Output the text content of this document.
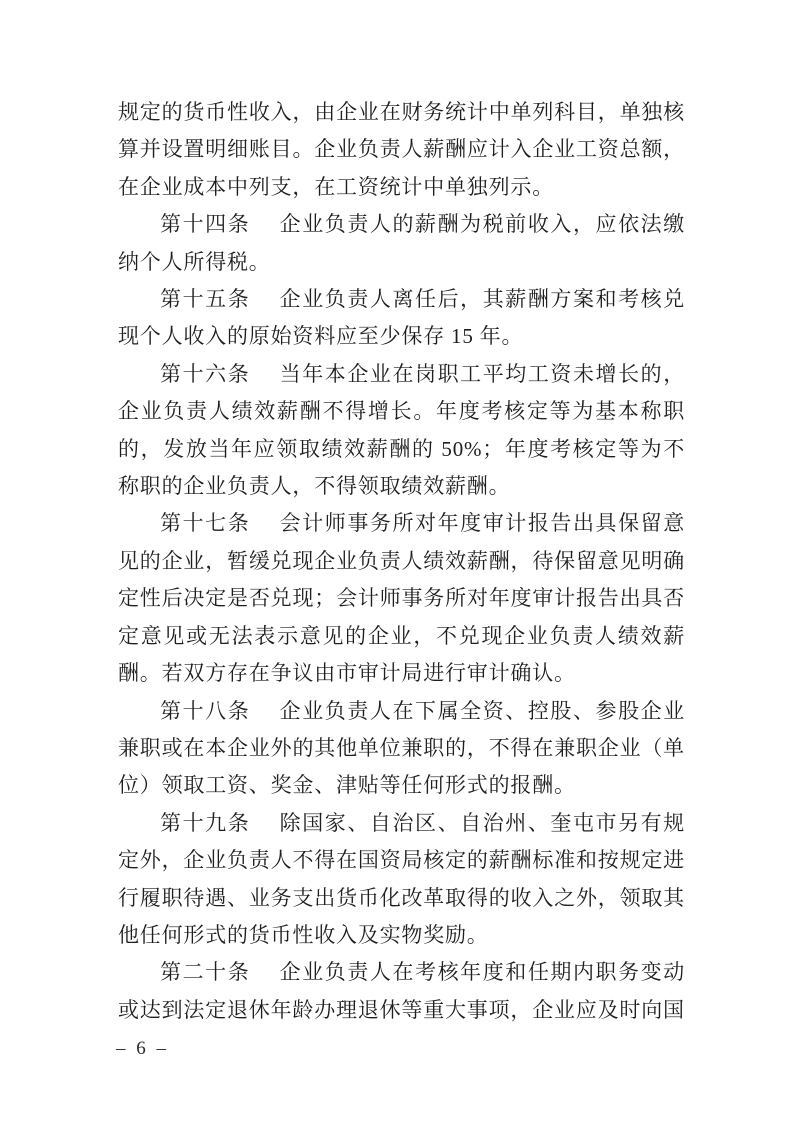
规定的货币性收入，由企业在财务统计中单列科目，单独核算并设置明细账目。企业负责人薪酬应计入企业工资总额，在企业成本中列支，在工资统计中单独列示。

第十四条　 企业负责人的薪酬为税前收入，应依法缴纳个人所得税。

第十五条　 企业负责人离任后，其薪酬方案和考核兑现个人收入的原始资料应至少保存 15 年。

第十六条　 当年本企业在岗职工平均工资未增长的，企业负责人绩效薪酬不得增长。年度考核定等为基本称职的，发放当年应领取绩效薪酬的 50%；年度考核定等为不称职的企业负责人，不得领取绩效薪酬。

第十七条　 会计师事务所对年度审计报告出具保留意见的企业，暂缓兑现企业负责人绩效薪酬，待保留意见明确定性后决定是否兑现；会计师事务所对年度审计报告出具否定意见或无法表示意见的企业，不兑现企业负责人绩效薪酬。若双方存在争议由市审计局进行审计确认。

第十八条　 企业负责人在下属全资、控股、参股企业兼职或在本企业外的其他单位兼职的，不得在兼职企业（单位）领取工资、奖金、津贴等任何形式的报酬。

第十九条　 除国家、自治区、自治州、奎屯市另有规定外，企业负责人不得在国资局核定的薪酬标准和按规定进行履职待遇、业务支出货币化改革取得的收入之外，领取其他任何形式的货币性收入及实物奖励。

第二十条　 企业负责人在考核年度和任期内职务变动或达到法定退休年龄办理退休等重大事项，企业应及时向国

– 6 –
